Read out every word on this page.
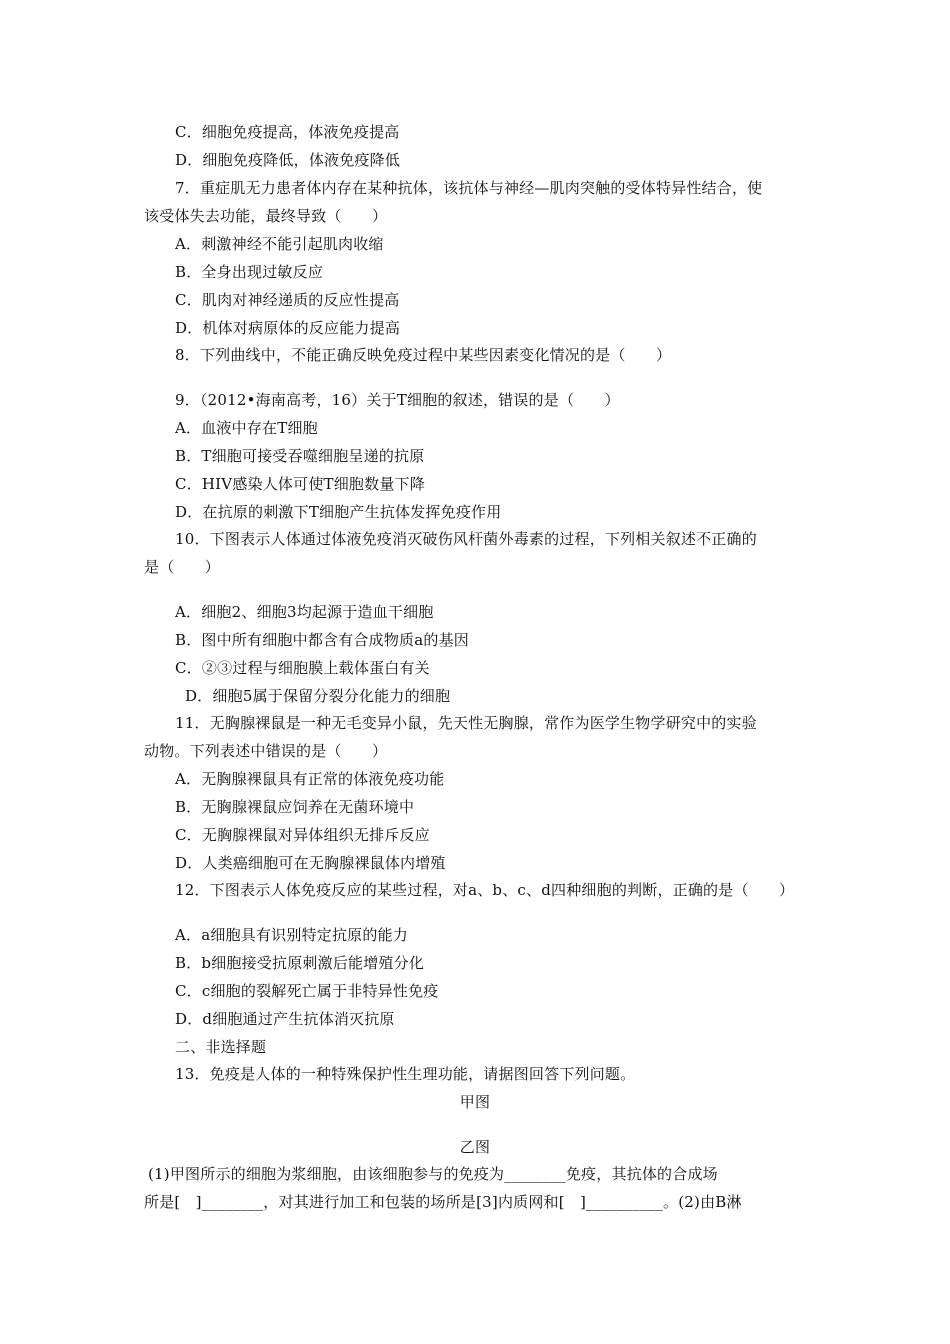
C．细胞免疫提高，体液免疫提高
D．细胞免疫降低，体液免疫降低
7．重症肌无力患者体内存在某种抗体，该抗体与神经—肌肉突触的受体特异性结合，使
该受体失去功能，最终导致（　　）
A．刺激神经不能引起肌肉收缩
B．全身出现过敏反应
C．肌肉对神经递质的反应性提高
D．机体对病原体的反应能力提高
8．下列曲线中，不能正确反映免疫过程中某些因素变化情况的是（　　）
9．（2012•海南高考，16）关于T细胞的叙述，错误的是（　　）
A．血液中存在T细胞
B．T细胞可接受吞噬细胞呈递的抗原
C．HIV感染人体可使T细胞数量下降
D．在抗原的刺激下T细胞产生抗体发挥免疫作用
10．下图表示人体通过体液免疫消灭破伤风杆菌外毒素的过程，下列相关叙述不正确的
是（　　）
A．细胞2、细胞3均起源于造血干细胞
B．图中所有细胞中都含有合成物质a的基因
C．②③过程与细胞膜上载体蛋白有关
D．细胞5属于保留分裂分化能力的细胞
11．无胸腺裸鼠是一种无毛变异小鼠，先天性无胸腺，常作为医学生物学研究中的实验
动物。下列表述中错误的是（　　）
A．无胸腺裸鼠具有正常的体液免疫功能
B．无胸腺裸鼠应饲养在无菌环境中
C．无胸腺裸鼠对异体组织无排斥反应
D．人类癌细胞可在无胸腺裸鼠体内增殖
12．下图表示人体免疫反应的某些过程，对a、b、c、d四种细胞的判断，正确的是（　　）
A．a细胞具有识别特定抗原的能力
B．b细胞接受抗原刺激后能增殖分化
C．c细胞的裂解死亡属于非特异性免疫
D．d细胞通过产生抗体消灭抗原
二、非选择题
13．免疫是人体的一种特殊保护性生理功能，请据图回答下列问题。
甲图
乙图
(1)甲图所示的细胞为浆细胞，由该细胞参与的免疫为________免疫，其抗体的合成场
所是[　]________，对其进行加工和包装的场所是[3]内质网和[　]__________。(2)由B淋
